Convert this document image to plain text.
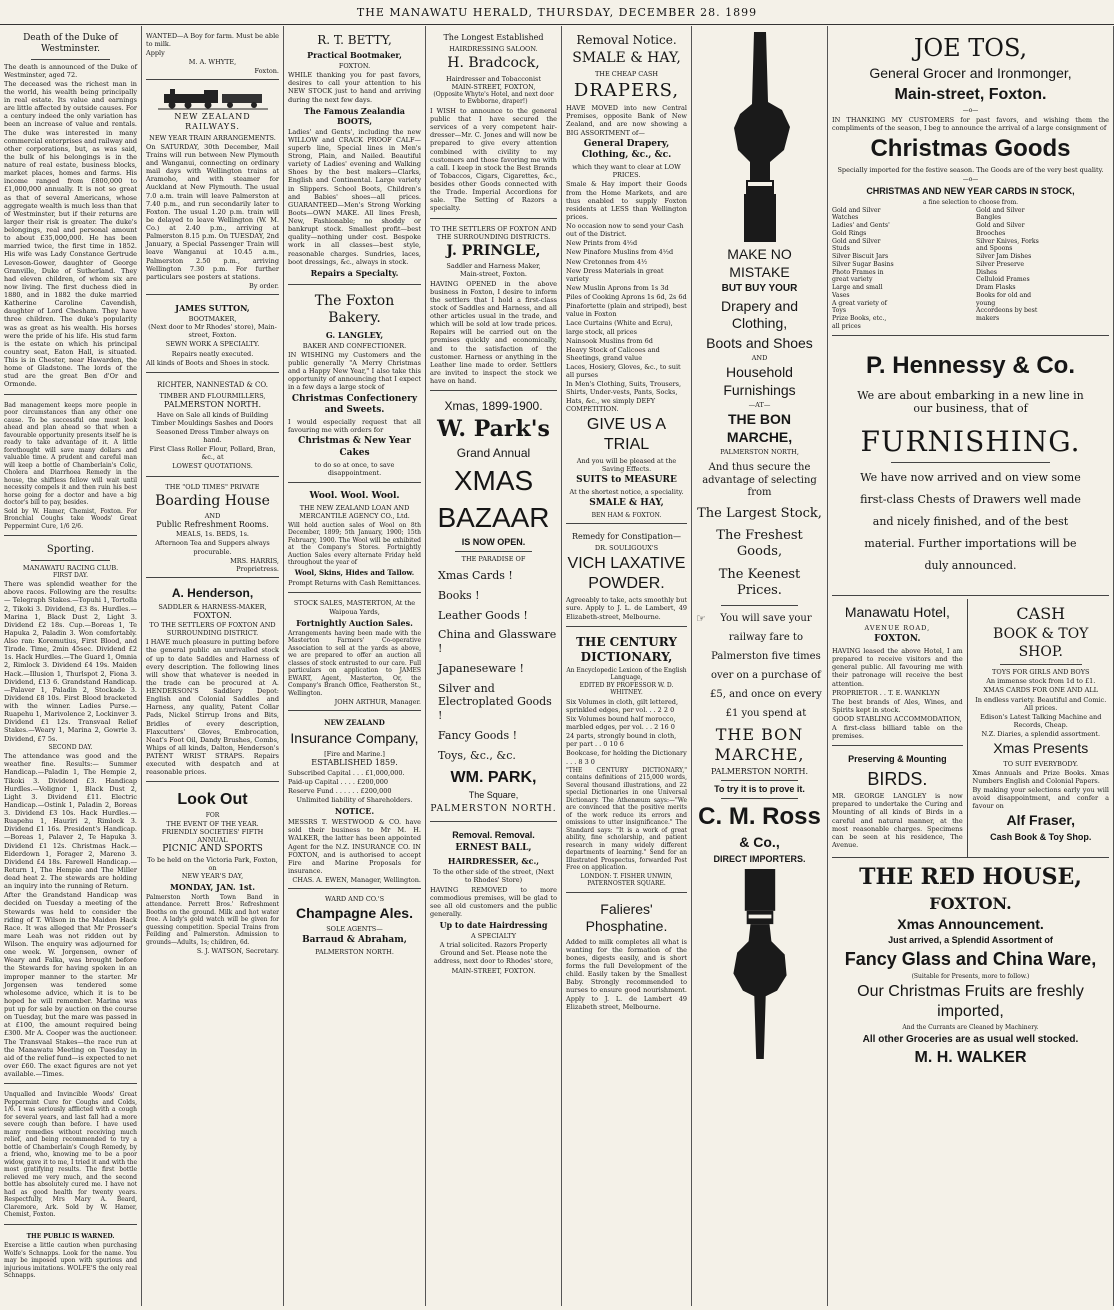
THE MANAWATU HERALD, THURSDAY, DECEMBER 28. 1899
Death of the Duke of Westminster.

The death is announced of the Duke of Westminster, aged 72.

The deceased was the richest man in the world, his wealth being principally in real estate. Its value and earnings are little affected by outside causes. For a century indeed the only variation has been an increase of value and rentals. The duke was interested in many commercial enterprises and railway and other corporations, but, as was said, the bulk of his belongings is in the nature of real estate, business blocks, market places, homes and farms. His income ranged from £800,000 to £1,000,000 annually. It is not so great as that of several Americans, whose aggregate wealth is much less than that of Westminster, but if their returns are larger their risk is greater. The duke's belongings, real and personal amount to about £35,000,000. He has been married twice, the first time in 1852. His wife was Lady Constance Gertrude Leveson-Gower, daughter of George Granville, Duke of Sutherland. They had eleven children, of whom six are now living. The first duchess died in 1880, and in 1882 the duke married Katherine Caroline Cavendish, daughter of Lord Chesham. They have three children. The duke's popularity was as great as his wealth. His horses were the pride of his life. His stud farm is the estate on which his principal country seat, Eaton Hall, is situated. This is in Chester, near Hawarden, the home of Gladstone. The lords of the stud are the great Ben d'Or and Ormonde.

Bad management keeps more people in poor circumstances than any other one cause. To be successful one must look ahead and plan ahead so that when a favourable opportunity presents itself he is ready to take advantage of it. A little forethought will save many dollars and valuable time. A prudent and careful man will keep a bottle of Chamberlain's Colic, Cholera and Diarrhoea Remedy in the house, the shiftless fellow will wait until necessity compels it and then ruin his best horse going for a doctor and have a big doctor's bill to pay, besides.

Sold by W. Hamer, Chemist, Foxton. For Bronchial Coughs take Woods' Great Peppermint Cure, 1/6 2/6.

Sporting.
MANAWATU RACING CLUB.
FIRST DAY.

There was splendid weather for the above races. Following are the results:— Telegraph Stakes.—Topuhi 1, Tortolla 2, Tikoki 3. Dividend, £3 8s. Hurdles.—Marina 1, Black Dust 2, Light 3. Dividend £2 18s. Cup.—Boreas 1, Te Hapuka 2, Paladin 3. Won comfortably. Also ran: Koremutius, First Blood, and Tirade. Time, 2min 45sec. Dividend £2 1s. Hack Hurdles.—The Guard 1, Omnia 2, Rimlock 3. Dividend £4 19s. Maiden Hack.—Illusion 1, Thurlspot 2, Fiona 3. Dividend, £13 6. Grandstand Handicap.—Palaver 1, Paladin 2, Stockade 3. Dividend £8 10s. First Blood bracketed with the winner. Ladies Purse.—Ruapehu 1, Marivolence 2, Lockinver 3. Dividend £1 12s. Transvaal Relief Stakes.—Weary 1, Marina 2, Gowrie 3. Dividend, £7 5s.

SECOND DAY.

The attendance was good and the weather fine. Results:— Summer Handicap.—Paladin 1, The Hempie 2, Tikoki 3. Dividend £3. Handicap Hurdles.—Volignor 1, Black Dust 2, Light 3. Dividend £11. Electric Handicap.—Ostink 1, Paladin 2, Boreas 3. Dividend £3 10s. Hack Hurdles.—Ruapehu 1, Hauriri 2, Rimlock 3. Dividend £1 16s. President's Handicap.—Boreas 1, Palaver 2, Te Hapuka 3. Dividend £1 12s. Christmas Hack.—Eiderdown 1, Forager 2, Mareno 3. Dividend £4 18s. Farewell Handicap.—Return 1, The Hempie and The Miller dead heat 2. The stewards are holding an inquiry into the running of Return.

After the Grandstand Handicap was decided on Tuesday a meeting of the Stewards was held to consider the riding of T. Wilson in the Maiden Hack Race. It was alleged that Mr Prosser's mare Leah was not ridden out by Wilson. The enquiry was adjourned for one week. W. Jorgensen, owner of Weary and Falka, was brought before the Stewards for having spoken in an improper manner to the starter. Mr Jorgensen was tendered some wholesome advice, which it is to be hoped he will remember. Marina was put up for sale by auction on the course on Tuesday, but the mare was passed in at £100, the amount required being £300. Mr A. Cooper was the auctioneer. The Transvaal Stakes—the race run at the Manawatu Meeting on Tuesday in aid of the relief fund—is expected to net over £60. The exact figures are not yet available.—Times.

Unqualled and Invincible Woods' Great Peppermint Cure for Coughs and Colds, 1/6. I was seriously afflicted with a cough for several years, and last fall had a more severe cough than before. I have used many remedies without receiving much relief, and being recommended to try a bottle of Chamberlain's Cough Remedy, by a friend, who, knowing me to be a poor widow, gave it to me, I tried it and with the most gratifying results. The first bottle relieved me very much, and the second bottle has absolutely cured me. I have not had as good health for twenty years. Respectfully, Mrs Mary A. Beard, Claremore, Ark. Sold by W. Hamer, Chemist, Foxton.

THE PUBLIC IS WARNED.

Exercise a little caution when purchasing Wolfe's Schnapps. Look for the name. You may be imposed upon with spurious and injurious imitations. WOLFE'S the only real Schnapps.

WANTED—A Boy for farm. Must be able to milk.

Apply

M. A. WHYTE,
Foxton.
NEW ZEALAND RAILWAYS.
NEW YEAR TRAIN ARRANGEMENTS.

On SATURDAY, 30th December, Mail Trains will run between New Plymouth and Wanganui, connecting on ordinary mail days with Wellington trains at Aramoho, and with steamer for Auckland at New Plymouth. The usual 7.0 a.m. train will leave Palmerston at 7.40 p.m., and run secondarily later to Foxton. The usual 1.20 p.m. train will be delayed to leave Wellington (W. M. Co.) at 2.40 p.m., arriving at Palmerston 8.15 p.m. On TUESDAY, 2nd January, a Special Passenger Train will leave Wanganui at 10.45 a.m., Palmerston 2.50 p.m., arriving Wellington 7.30 p.m. For further particulars see posters at stations.

By order.
JAMES SUTTON,
BOOTMAKER,
(Next door to Mr Rhodes' store), Main-street, Foxton.

SEWN WORK A SPECIALTY.

Repairs neatly executed.

All kinds of Boots and Shoes in stock.

RICHTER, NANNESTAD & CO.
TIMBER AND FLOURMILLERS,
PALMERSTON NORTH.

Have on Sale all kinds of Building Timber Mouldings Sashes and Doors

Seasoned Dress Timber always on hand.

First Class Roller Flour, Pollard, Bran, &c., at

LOWEST QUOTATIONS.

THE "OLD TIMES" PRIVATE
Boarding House
AND
Public Refreshment Rooms.
MEALS, 1s. BEDS, 1s.

Afternoon Tea and Suppers always procurable.

MRS. HARRIS,
Proprietress.
A. Henderson,
SADDLER & HARNESS-MAKER,
FOXTON.
TO THE SETTLERS OF FOXTON AND SURROUNDING DISTRICT.

I HAVE much pleasure in putting before the general public an unrivalled stock of up to date Saddles and Harness of every description. The following lines will show that whatever is needed in the trade can be procured at A. HENDERSON'S Saddlery Depot: English and Colonial Saddles and Harness, any quality, Patent Collar Pads, Nickel Stirrup Irons and Bits, Bridles of every description, Flaxcutters' Gloves, Embrocation, Neat's Foot Oil, Dandy Brushes, Combs, Whips of all kinds, Dalton, Henderson's PATENT WRIST STRAPS. Repairs executed with despatch and at reasonable prices.

Look Out
FOR
THE EVENT OF THE YEAR.
FRIENDLY SOCIETIES' FIFTH ANNUAL
PICNIC AND SPORTS
To be held on the Victoria Park, Foxton, on
NEW YEAR'S DAY,
MONDAY, JAN. 1st.

Palmerston North Town Band in attendance. Perrett Bros.' Refreshment Booths on the ground. Milk and hot water free. A lady's gold watch will be given for guessing competition. Special Trains from Feilding and Palmerston. Admission to grounds—Adults, 1s; children, 6d.

S. J. WATSON, Secretary.
R. T. BETTY,
Practical Bootmaker,
FOXTON.

WHILE thanking you for past favors, desires to call your attention to his NEW STOCK just to hand and arriving during the next few days.

The Famous Zealandia BOOTS,

Ladies' and Gents', including the new WILLOW and CRACK PROOF CALF—superb line, Special lines in Men's Strong, Plain, and Nailed. Beautiful variety of Ladies' evening and Walking Shoes by the best makers—Clarks, English and Continental. Large variety in Slippers. School Boots, Children's and Babies' shoes—all prices. GUARANTEED—Men's Strong Working Boots—OWN MAKE. All lines Fresh, New, Fashionable; no shoddy or bankrupt stock. Smallest profit—best quality—nothing under cost. Bespoke work in all classes—best style, reasonable charges. Sundries, laces, boot dressings, &c., always in stock.

Repairs a Specialty.
The Foxton Bakery.
G. LANGLEY,
BAKER AND CONFECTIONER.

IN WISHING my Customers and the public generally "A Merry Christmas and a Happy New Year," I also take this opportunity of announcing that I expect in a few days a large stock of

Christmas Confectionery and Sweets.

I would especially request that all favouring me with orders for

Christmas & New Year Cakes

to do so at once, to save disappointment.

Wool. Wool. Wool.
THE NEW ZEALAND LOAN AND MERCANTILE AGENCY CO., Ltd.

Will hold auction sales of Wool on 8th December, 1899; 5th January, 1900; 15th February, 1900. The Wool will be exhibited at the Company's Stores. Fortnightly Auction Sales every alternate Friday held throughout the year of

Wool, Skins, Hides and Tallow.

Prompt Returns with Cash Remittances.

STOCK SALES, MASTERTON, At the Waipoua Yards,
Fortnightly Auction Sales.

Arrangements having been made with the Masterton Farmers' Co-operative Association to sell at the yards as above, we are prepared to offer an auction all classes of stock entrusted to our care. Full particulars on application to JAMES EWART, Agent, Masterton, Or, the Company's Branch Office, Featherston St., Wellington.

JOHN ARTHUR, Manager.
NEW ZEALAND
Insurance Company,
[Fire and Marine.]
ESTABLISHED 1859.
Subscribed Capital . . . £1,000,000.
Paid-up Capital . . . . £200,000
Reserve Fund . . . . . . £200,000
Unlimited liability of Shareholders.
NOTICE.

MESSRS T. WESTWOOD & CO. have sold their business to Mr M. H. WALKER, the latter has been appointed Agent for the N.Z. INSURANCE CO. IN FOXTON, and is authorised to accept Fire and Marine Proposals for insurance.

CHAS. A. EWEN, Manager, Wellington.
WARD AND CO.'S
Champagne Ales.
SOLE AGENTS—
Barraud & Abraham,
PALMERSTON NORTH.
The Longest Established
HAIRDRESSING SALOON.
H. Bradcock,
Hairdresser and Tobacconist
MAIN-STREET, FOXTON,
(Opposite Whyte's Hotel, and next door to Ewbborne, draper!)

I WISH to announce to the general public that I have secured the services of a very competent hair-dresser—Mr. C. Jones and will now be prepared to give every attention combined with civility to my customers and those favoring me with a call. I keep in stock the Best Brands of Tobaccos, Cigars, Cigarettes, &c., besides other Goods connected with the Trade. Imperial Accordions for sale. The Setting of Razors a specialty.

TO THE SETTLERS OF FOXTON AND THE SURROUNDING DISTRICTS.
J. PRINGLE,
Saddler and Harness Maker,
Main-street, Foxton.

HAVING OPENED in the above business in Foxton, I desire to inform the settlers that I hold a first-class stock of Saddles and Harness, and all other articles usual in the trade, and which will be sold at low trade prices. Repairs will be carried out on the premises quickly and economically, and to the satisfaction of the customer. Harness or anything in the Leather line made to order. Settlers are invited to inspect the stock we have on hand.

Xmas, 1899-1900.
W. Park's
Grand Annual
XMAS
BAZAAR
IS NOW OPEN.
THE PARADISE OF
Xmas Cards !
Books !
Leather Goods !
China and Glassware !
Japaneseware !
Silver and Electroplated Goods !
Fancy Goods !
Toys, &c., &c.
WM. PARK,
The Square,
PALMERSTON NORTH.
Removal. Removal.
ERNEST BALL,
HAIRDRESSER, &c.,
To the other side of the street, (Next to Rhodes' Store)

HAVING REMOVED to more commodious premises, will be glad to see all old customers and the public generally.

Up to date Hairdressing
A SPECIALTY

A trial solicited. Razors Properly Ground and Set. Please note the address, next door to Rhodes' store,

MAIN-STREET, FOXTON.
Removal Notice.
SMALE & HAY,
THE CHEAP CASH
DRAPERS,

HAVE MOVED into new Central Premises, opposite Bank of New Zealand, and are now showing a BIG ASSORTMENT of—

General Drapery, Clothing, &c., &c.

which they want to clear at LOW PRICES.

Smale & Hay import their Goods from the Home Markets, and are thus enabled to supply Foxton residents at LESS than Wellington prices.

No occasion now to send your Cash out of the District.
New Prints from 4½d
New Pinafore Muslins from 4½d
New Cretonnes from 4½
New Dress Materials in great variety
New Muslin Aprons from 1s 3d
Piles of Cooking Aprons 1s 6d, 2s 6d
Pinafortette (plain and striped), best value in Foxton
Lace Curtains (White and Ecru), large stock, all prices
Nainsook Muslins from 6d
Heavy Stock of Calicoes and Sheetings, grand value
Laces, Hosiery, Gloves, &c., to suit all purses
In Men's Clothing, Suits, Trousers, Shirts, Under-vests, Pants, Socks, Hats, &c., we simply DEFY COMPETITION.
GIVE US A TRIAL

And you will be pleased at the Saving Effects.

SUITS to MEASURE

At the shortest notice, a speciality.

SMALE & HAY,
BEN HAM & FOXTON.
Remedy for Constipation—
DR. SOULIGOUX'S
VICH LAXATIVE POWDER.

Agreeably to take, acts smoothly but sure. Apply to J. L. de Lambert, 49 Elizabeth-street, Melbourne.

THE CENTURY DICTIONARY,
An Encyclopedic Lexicon of the English Language,
EDITED BY PROFESSOR W. D. WHITNEY.
Six Volumes in cloth, gilt lettered, sprinkled edges, per vol. . . 2 2 0
Six Volumes bound half morocco, marbled edges, per vol. . . 2 16 0
24 parts, strongly bound in cloth, per part . . 0 10 6
Bookcase, for holding the Dictionary . . . 8 3 0

"THE CENTURY DICTIONARY," contains definitions of 215,000 words, Several thousand illustrations, and 22 special Dictionaries in one Universal Dictionary. The Athenæum says:—"We are convinced that the positive merits of the work reduce its errors and omissions to utter insignificance." The Standard says: "It is a work of great ability, fine scholarship, and patient research in many widely different departments of learning." Send for an Illustrated Prospectus, forwarded Post Free on application.

LONDON: T. FISHER UNWIN, PATERNOSTER SQUARE.
Falieres' Phosphatine.

Added to milk completes all what is wanting for the formation of the bones, digests easily, and is short forms the full Development of the child. Easily taken by the Smallest Baby. Strongly recommended to nurses to ensure good nourishment. Apply to J. L. de Lambert 49 Elizabeth street, Melbourne.

MAKE NO MISTAKE
BUT BUY YOUR
Drapery and Clothing,
Boots and Shoes
AND
Household Furnishings
—AT—
THE BON MARCHE,
PALMERSTON NORTH,
And thus secure the advantage of selecting from
The Largest Stock,
The Freshest Goods,
The Keenest Prices.
☞	You will save your railway fare to Palmerston five times over on a purchase of £5, and once on every £1 you spend at
THE BON MARCHE,
PALMERSTON NORTH.
To try it is to prove it.
C. M. Ross
& Co.,
DIRECT IMPORTERS.
JOE TOS,
General Grocer and Ironmonger,
Main-street, Foxton.
—o—

IN THANKING MY CUSTOMERS for past favors, and wishing them the compliments of the season, I beg to announce the arrival of a large consignment of

Christmas Goods

Specially imported for the festive season. The Goods are of the very best quality.

—o—
CHRISTMAS AND NEW YEAR CARDS IN STOCK,
a fine selection to choose from.
Gold and Silver Watches
Ladies' and Gents' Gold Rings
Gold and Silver Studs
Silver Biscuit Jars
Silver Sugar Basins
Photo Frames in great variety
Large and small Vases
A great variety of Toys
Prize Books, etc., all prices
Gold and Silver Bangles
Gold and Silver Brooches
Silver Knives, Forks and Spoons
Silver Jam Dishes
Silver Preserve Dishes
Celluloid Frames
Dram Flasks
Books for old and young
Accordeons by best makers
P. Hennessy & Co.
We are about embarking in a new line in our business, that of
FURNISHING.
We have now arrived and on view some first-class Chests of Drawers well made and nicely finished, and of the best material. Further importations will be duly announced.
Manawatu Hotel,
AVENUE ROAD,
FOXTON.

HAVING leased the above Hotel, I am prepared to receive visitors and the general public. All favouring me with their patronage will receive the best attention.

PROPRIETOR . . T. E. WANKLYN

The best brands of Ales, Wines, and Spirits kept in stock.

GOOD STABLING ACCOMMODATION,

A first-class billiard table on the premises.

Preserving & Mounting
BIRDS.

MR. GEORGE LANGLEY is now prepared to undertake the Curing and Mounting of all kinds of Birds in a careful and natural manner, at the most reasonable charges. Specimens can be seen at his residence, The Avenue.

CASH
BOOK & TOY SHOP.

TOYS FOR GIRLS AND BOYS

An immense stock from 1d to £1.

XMAS CARDS FOR ONE AND ALL

In endless variety. Beautiful and Comic. All prices.

Edison's Latest Talking Machine and Records, Cheap.

N.Z. Diaries, a splendid assortment.

Xmas Presents
TO SUIT EVERYBODY.

Xmas Annuals and Prize Books. Xmas Numbers English and Colonial Papers.

By making your selections early you will avoid disappointment, and confer a favour on

Alf Fraser,
Cash Book & Toy Shop.
THE RED HOUSE,
FOXTON.
Xmas Announcement.
Just arrived, a Splendid Assortment of
Fancy Glass and China Ware,
(Suitable for Presents, more to follow.)
Our Christmas Fruits are freshly imported,
And the Currants are Cleaned by Machinery.
All other Groceries are as usual well stocked.
M. H. WALKER
